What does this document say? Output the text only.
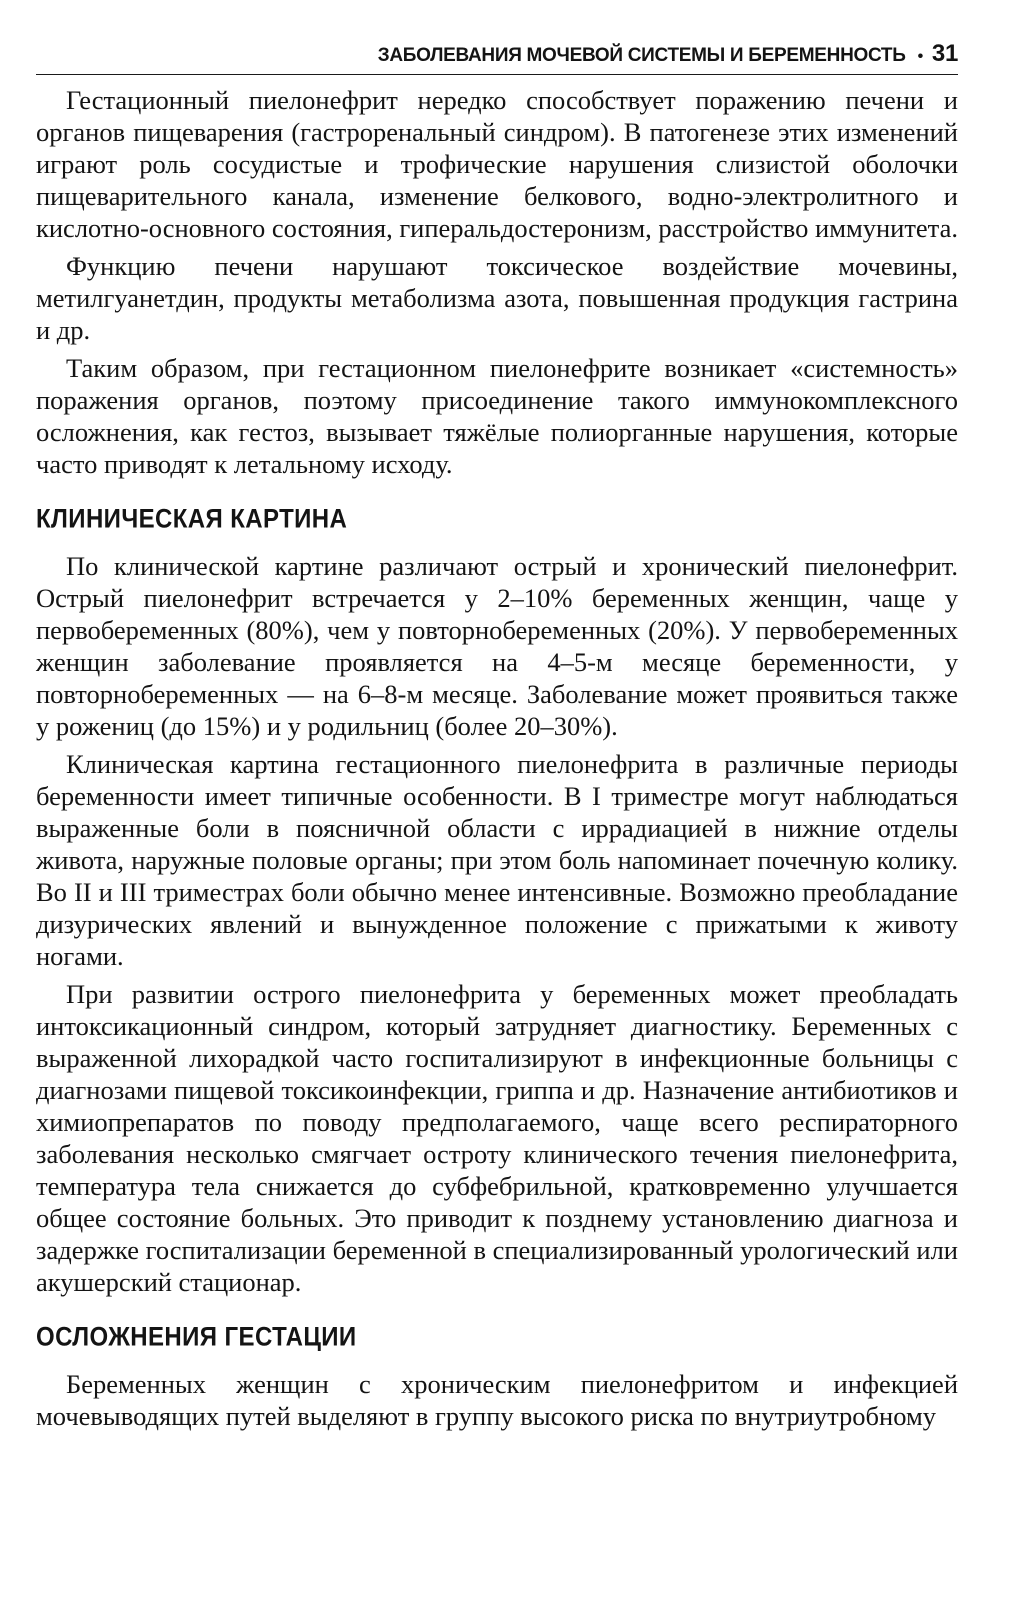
ЗАБОЛЕВАНИЯ МОЧЕВОЙ СИСТЕМЫ И БЕРЕМЕННОСТЬ • 31

Гестационный пиелонефрит нередко способствует поражению печени и органов пищеварения (гастроренальный синдром). В патогенезе этих изменений играют роль сосудистые и трофические нарушения слизистой оболочки пищеварительного канала, изменение белкового, водно-электролитного и кислотно-основного состояния, гиперальдостеронизм, расстройство иммунитета.

Функцию печени нарушают токсическое воздействие мочевины, метилгуанетдин, продукты метаболизма азота, повышенная продукция гастрина и др.

Таким образом, при гестационном пиелонефрите возникает «системность» поражения органов, поэтому присоединение такого иммунокомплексного осложнения, как гестоз, вызывает тяжёлые полиорганные нарушения, которые часто приводят к летальному исходу.

КЛИНИЧЕСКАЯ КАРТИНА

По клинической картине различают острый и хронический пиелонефрит. Острый пиелонефрит встречается у 2–10% беременных женщин, чаще у первобеременных (80%), чем у повторнобеременных (20%). У первобеременных женщин заболевание проявляется на 4–5-м месяце беременности, у повторнобеременных — на 6–8-м месяце. Заболевание может проявиться также у рожениц (до 15%) и у родильниц (более 20–30%).

Клиническая картина гестационного пиелонефрита в различные периоды беременности имеет типичные особенности. В I триместре могут наблюдаться выраженные боли в поясничной области с иррадиацией в нижние отделы живота, наружные половые органы; при этом боль напоминает почечную колику. Во II и III триместрах боли обычно менее интенсивные. Возможно преобладание дизурических явлений и вынужденное положение с прижатыми к животу ногами.

При развитии острого пиелонефрита у беременных может преобладать интоксикационный синдром, который затрудняет диагностику. Беременных с выраженной лихорадкой часто госпитализируют в инфекционные больницы с диагнозами пищевой токсикоинфекции, гриппа и др. Назначение антибиотиков и химиопрепаратов по поводу предполагаемого, чаще всего респираторного заболевания несколько смягчает остроту клинического течения пиелонефрита, температура тела снижается до субфебрильной, кратковременно улучшается общее состояние больных. Это приводит к позднему установлению диагноза и задержке госпитализации беременной в специализированный урологический или акушерский стационар.

ОСЛОЖНЕНИЯ ГЕСТАЦИИ

Беременных женщин с хроническим пиелонефритом и инфекцией мочевыводящих путей выделяют в группу высокого риска по внутриутробному
